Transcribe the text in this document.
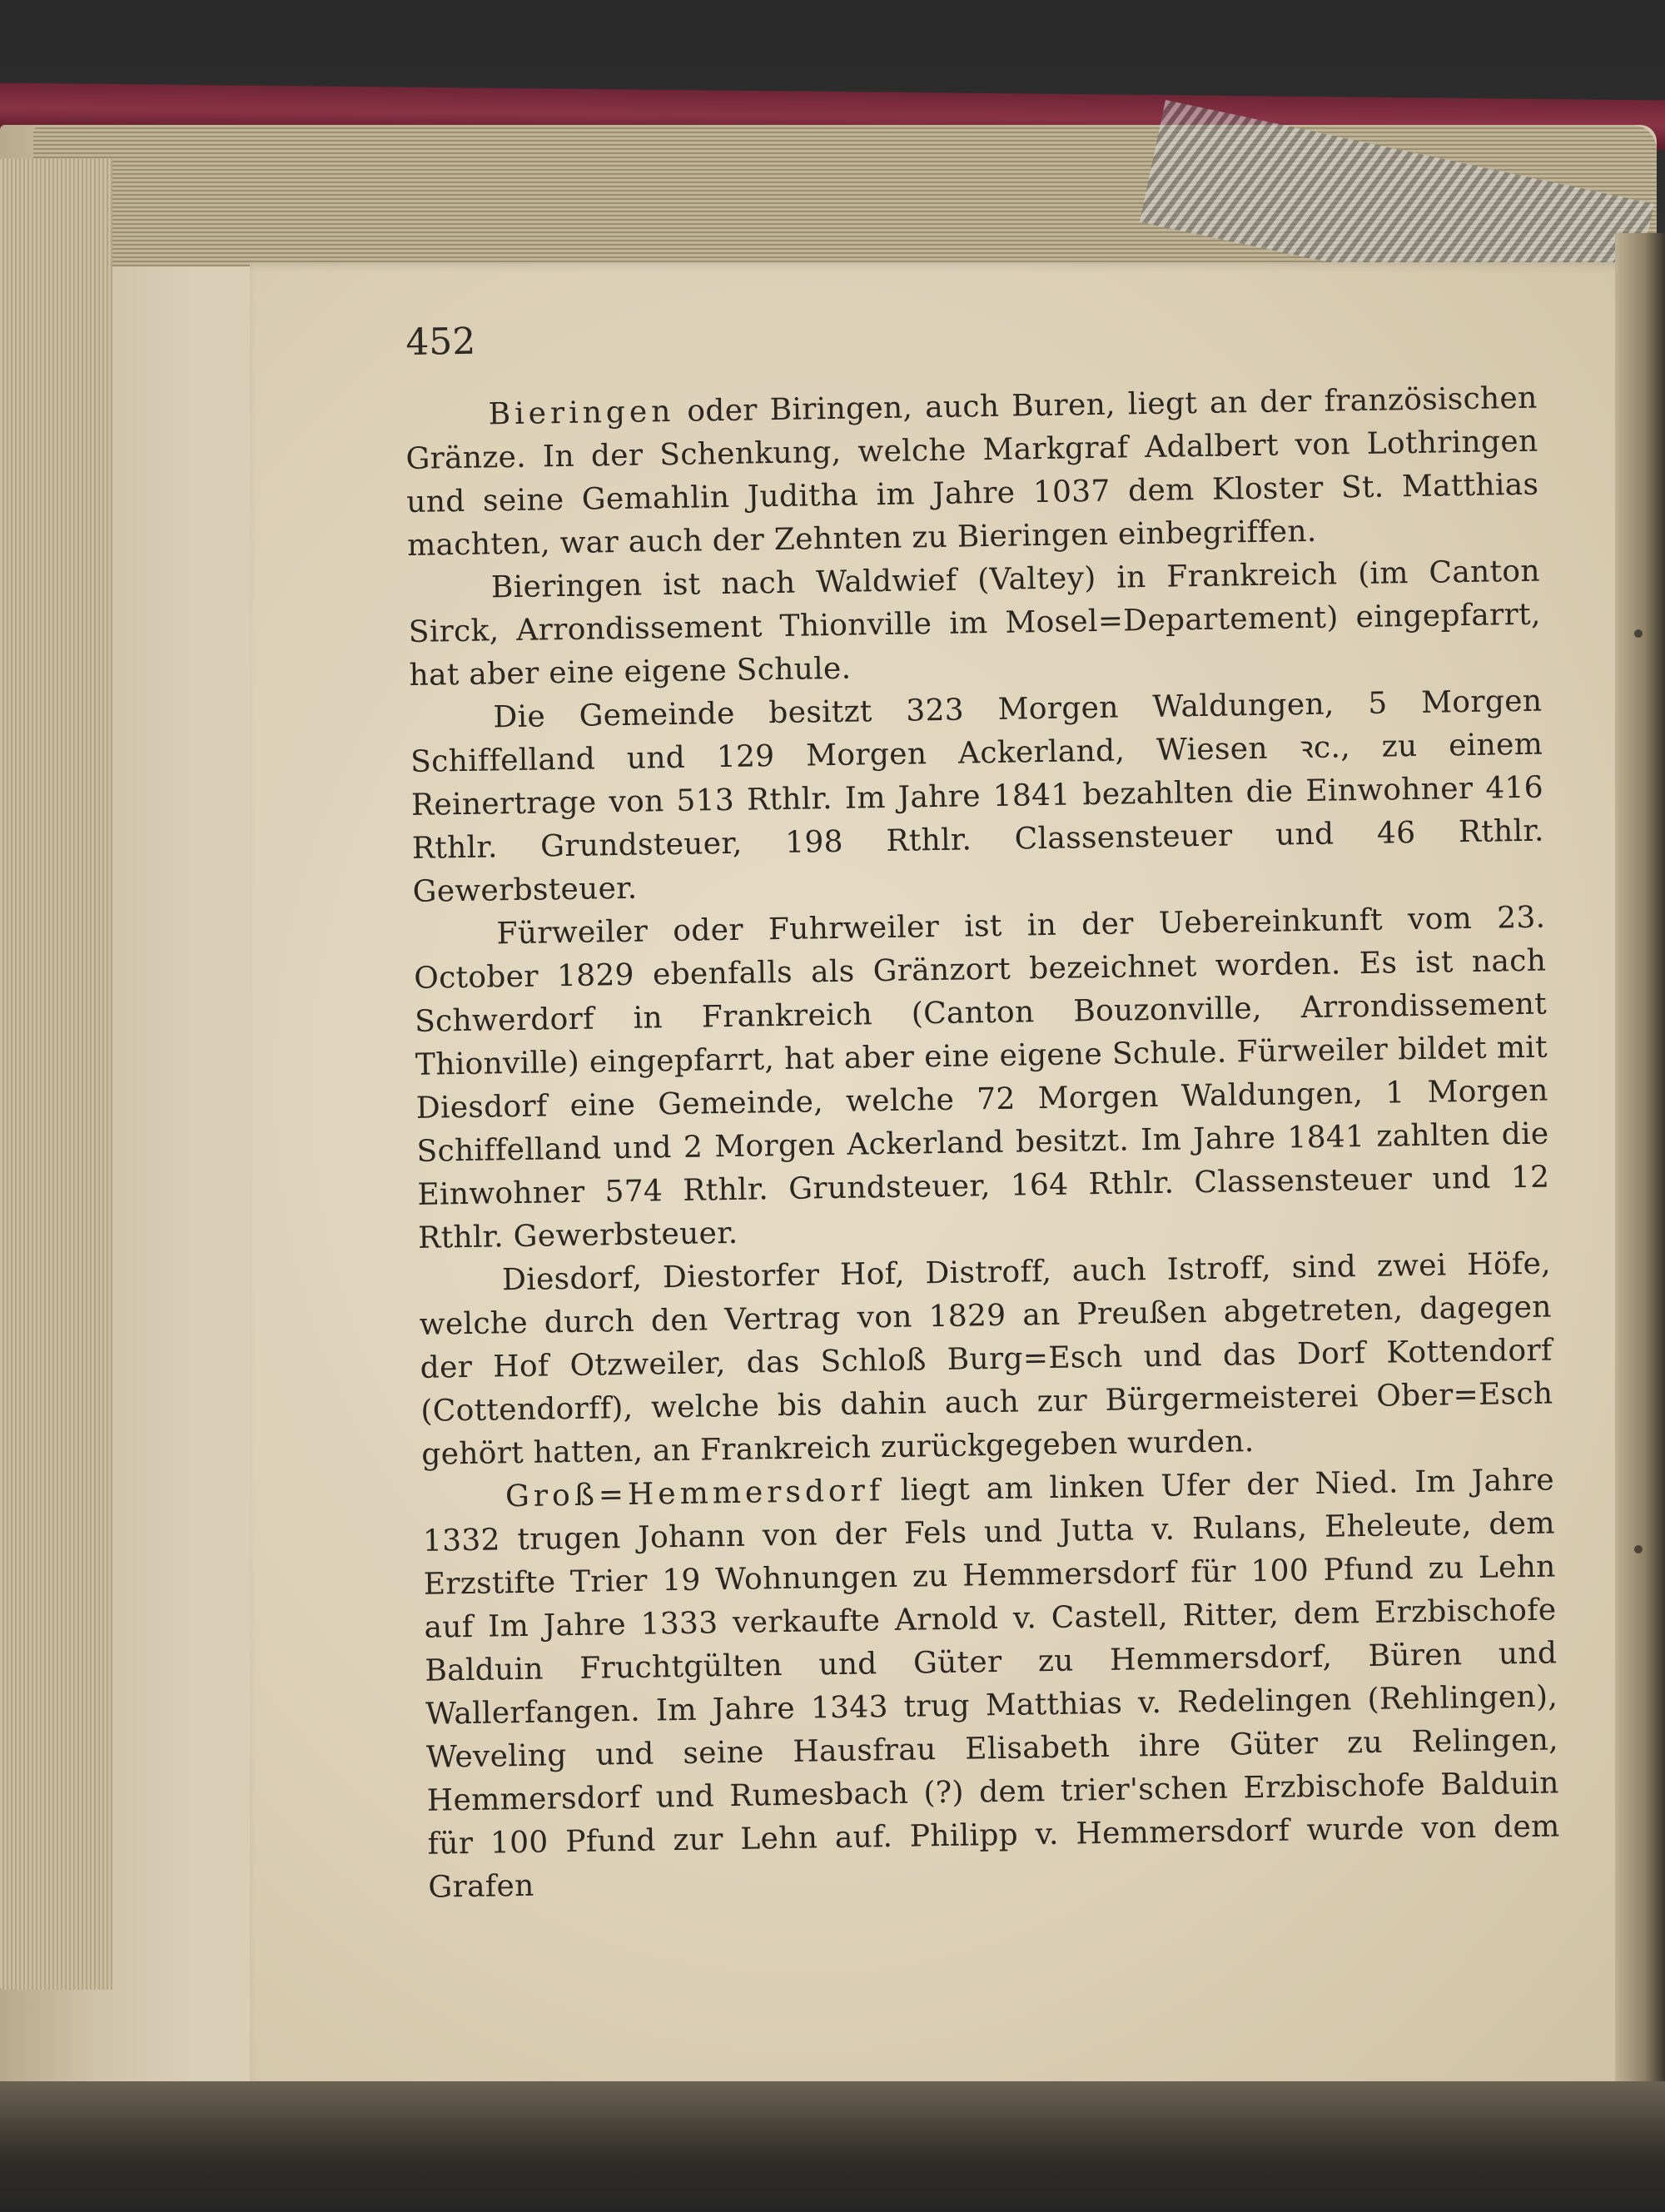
452

Bieringen oder Biringen, auch Buren, liegt an der französischen Gränze. In der Schenkung, welche Markgraf Adalbert von Lothringen und seine Gemahlin Juditha im Jahre 1037 dem Kloster St. Matthias machten, war auch der Zehnten zu Bieringen einbegriffen.

Bieringen ist nach Waldwief (Valtey) in Frankreich (im Canton Sirck, Arrondissement Thionville im Mosel=Departement) eingepfarrt, hat aber eine eigene Schule.

Die Gemeinde besitzt 323 Morgen Waldungen, 5 Morgen Schiffelland und 129 Morgen Ackerland, Wiesen ꝛc., zu einem Reinertrage von 513 Rthlr. Im Jahre 1841 bezahlten die Einwohner 416 Rthlr. Grundsteuer, 198 Rthlr. Classensteuer und 46 Rthlr. Gewerbsteuer.

Fürweiler oder Fuhrweiler ist in der Uebereinkunft vom 23. October 1829 ebenfalls als Gränzort bezeichnet worden. Es ist nach Schwerdorf in Frankreich (Canton Bouzonville, Arrondissement Thionville) eingepfarrt, hat aber eine eigene Schule. Fürweiler bildet mit Diesdorf eine Gemeinde, welche 72 Morgen Waldungen, 1 Morgen Schiffelland und 2 Morgen Ackerland besitzt. Im Jahre 1841 zahlten die Einwohner 574 Rthlr. Grundsteuer, 164 Rthlr. Classensteuer und 12 Rthlr. Gewerbsteuer.

Diesdorf, Diestorfer Hof, Distroff, auch Istroff, sind zwei Höfe, welche durch den Vertrag von 1829 an Preußen abgetreten, dagegen der Hof Otzweiler, das Schloß Burg=Esch und das Dorf Kottendorf (Cottendorff), welche bis dahin auch zur Bürgermeisterei Ober=Esch gehört hatten, an Frankreich zurückgegeben wurden.

Groß=Hemmersdorf liegt am linken Ufer der Nied. Im Jahre 1332 trugen Johann von der Fels und Jutta v. Rulans, Eheleute, dem Erzstifte Trier 19 Wohnungen zu Hemmersdorf für 100 Pfund zu Lehn auf Im Jahre 1333 verkaufte Arnold v. Castell, Ritter, dem Erzbischofe Balduin Fruchtgülten und Güter zu Hemmersdorf, Büren und Wallerfangen. Im Jahre 1343 trug Matthias v. Redelingen (Rehlingen), Weveling und seine Hausfrau Elisabeth ihre Güter zu Relingen, Hemmersdorf und Rumesbach (?) dem trier'schen Erzbischofe Balduin für 100 Pfund zur Lehn auf. Philipp v. Hemmersdorf wurde von dem Grafen
